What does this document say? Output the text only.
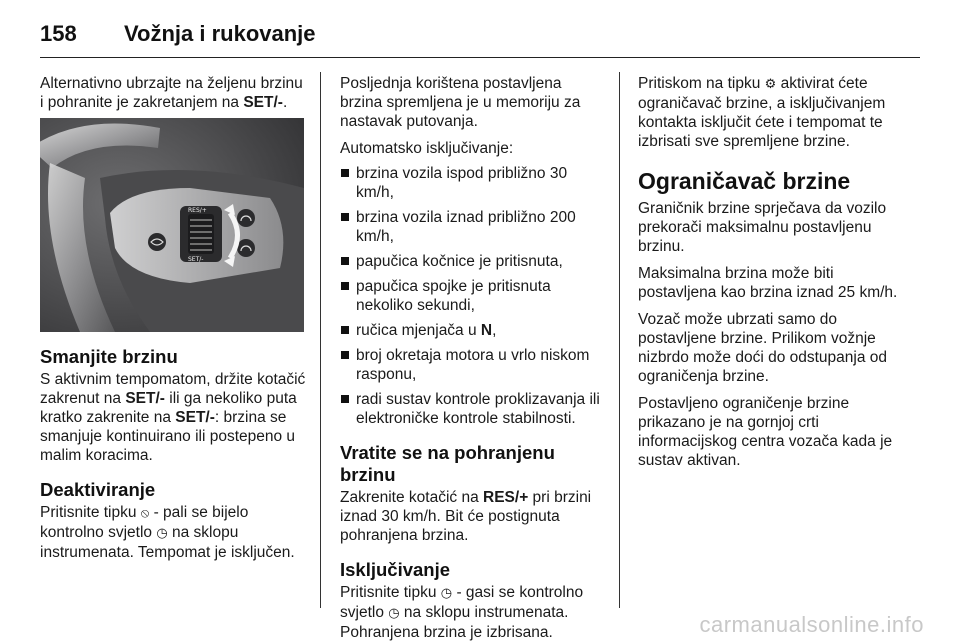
158	Vožnja i rukovanje

Alternativno ubrzajte na željenu brzinu i pohranite je zakretanjem na SET/-.

RES/+
SET/-
Smanjite brzinu

S aktivnim tempomatom, držite kotačić zakrenut na SET/- ili ga nekoliko puta kratko zakrenite na SET/-: brzina se smanjuje kontinuirano ili postepeno u malim koracima.

Deaktiviranje

Pritisnite tipku ⦸ - pali se bijelo kontrolno svjetlo ◷ na sklopu instrumenata. Tempomat je isključen.

Posljednja korištena postavljena brzina spremljena je u memoriju za nastavak putovanja.

Automatsko isključivanje:

brzina vozila ispod približno 30 km/h,
brzina vozila iznad približno 200 km/h,
papučica kočnice je pritisnuta,
papučica spojke je pritisnuta nekoliko sekundi,
ručica mjenjača u N,
broj okretaja motora u vrlo niskom rasponu,
radi sustav kontrole proklizavanja ili elektroničke kontrole stabilnosti.
Vratite se na pohranjenu brzinu

Zakrenite kotačić na RES/+ pri brzini iznad 30 km/h. Bit će postignuta pohranjena brzina.

Isključivanje

Pritisnite tipku ◷ - gasi se kontrolno svjetlo ◷ na sklopu instrumenata. Pohranjena brzina je izbrisana.

Pritiskom na tipku ⚙ aktivirat ćete ograničavač brzine, a isključivanjem kontakta isključit ćete i tempomat te izbrisati sve spremljene brzine.

Ograničavač brzine

Graničnik brzine sprječava da vozilo prekorači maksimalnu postavljenu brzinu.

Maksimalna brzina može biti postavljena kao brzina iznad 25 km/h.

Vozač može ubrzati samo do postavljene brzine. Prilikom vožnje nizbrdo može doći do odstupanja od ograničenja brzine.

Postavljeno ograničenje brzine prikazano je na gornjoj crti informacijskog centra vozača kada je sustav aktivan.

carmanualsonline.info
